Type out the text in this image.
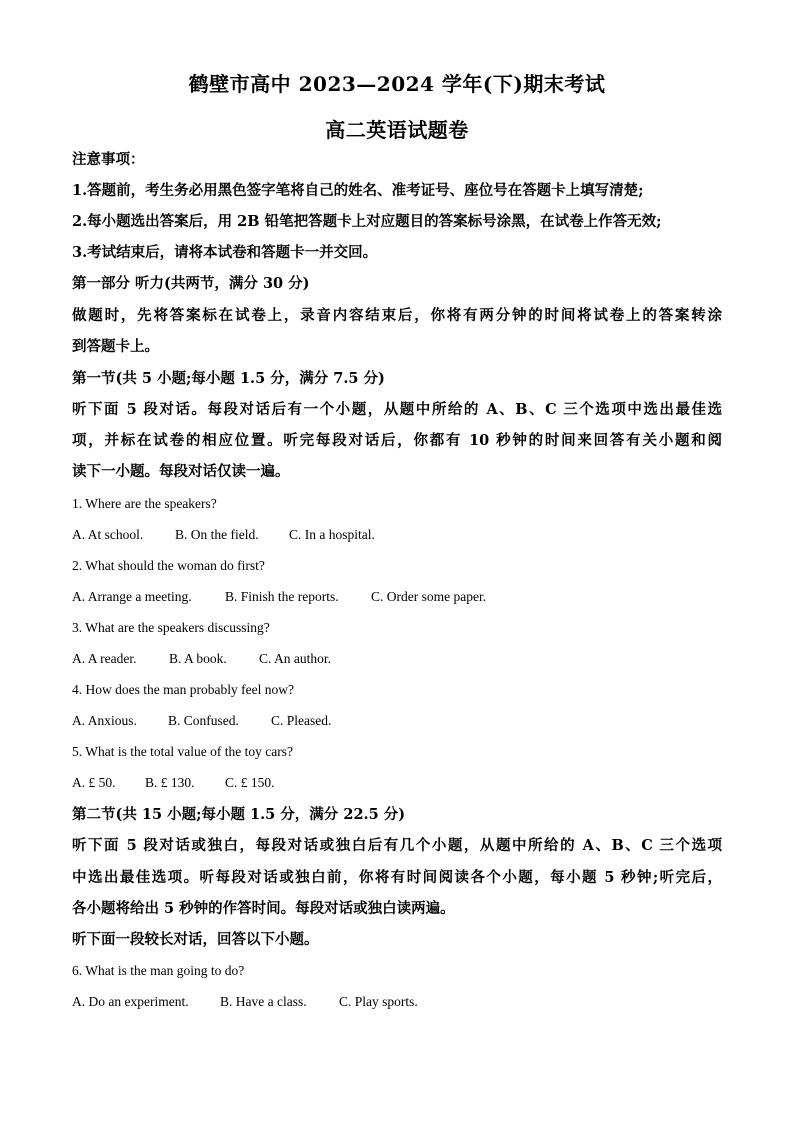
鹤壁市高中 2023—2024 学年(下)期末考试
高二英语试题卷
注意事项：
1.答题前，考生务必用黑色签字笔将自己的姓名、准考证号、座位号在答题卡上填写清楚;
2.每小题选出答案后，用 2B 铅笔把答题卡上对应题目的答案标号涂黑，在试卷上作答无效;
3.考试结束后，请将本试卷和答题卡一并交回。
第一部分 听力(共两节，满分 30 分)
做题时，先将答案标在试卷上，录音内容结束后，你将有两分钟的时间将试卷上的答案转涂
到答题卡上。
第一节(共 5 小题;每小题 1.5 分，满分 7.5 分)
听下面 5 段对话。每段对话后有一个小题，从题中所给的 A、B、C 三个选项中选出最佳选
项，并标在试卷的相应位置。听完每段对话后，你都有 10 秒钟的时间来回答有关小题和阅
读下一小题。每段对话仅读一遍。
1. Where are the speakers?
A. At school. B. On the field. C. In a hospital.
2. What should the woman do first?
A. Arrange a meeting. B. Finish the reports. C. Order some paper.
3. What are the speakers discussing?
A. A reader. B. A book. C. An author.
4. How does the man probably feel now?
A. Anxious. B. Confused. C. Pleased.
5. What is the total value of the toy cars?
A. £ 50. B. £ 130. C. £ 150.
第二节(共 15 小题;每小题 1.5 分，满分 22.5 分)
听下面 5 段对话或独白，每段对话或独白后有几个小题，从题中所给的 A、B、C 三个选项
中选出最佳选项。听每段对话或独白前，你将有时间阅读各个小题，每小题 5 秒钟;听完后，
各小题将给出 5 秒钟的作答时间。每段对话或独白读两遍。
听下面一段较长对话，回答以下小题。
6. What is the man going to do?
A. Do an experiment. B. Have a class. C. Play sports.
